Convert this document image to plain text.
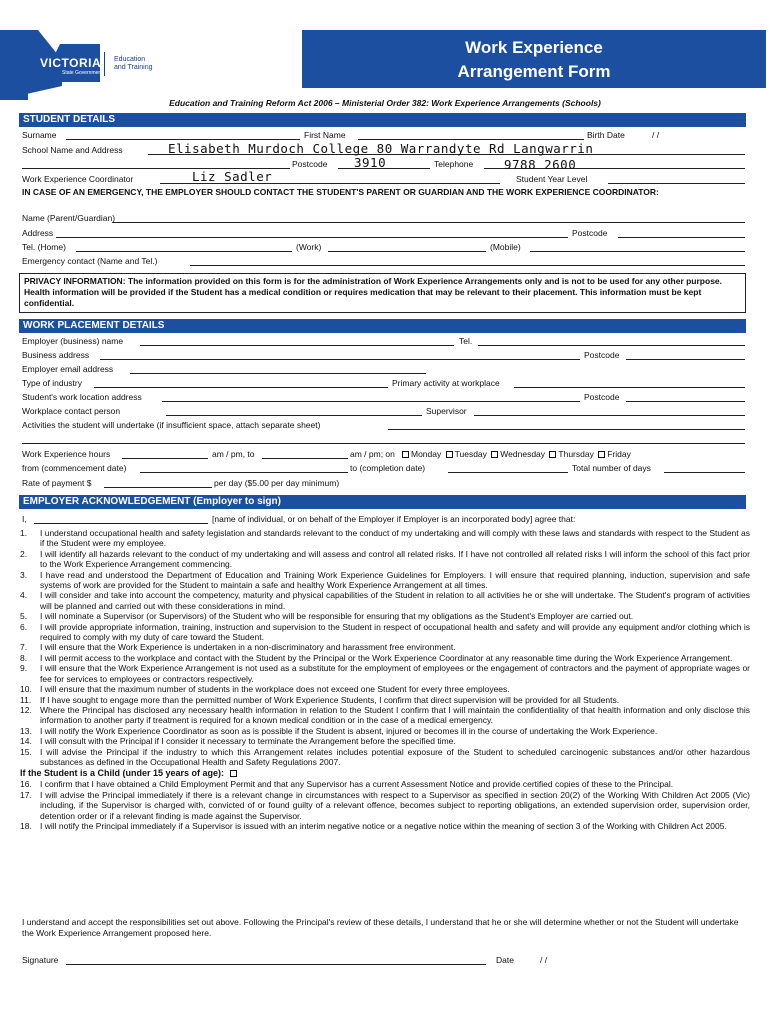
VICTORIA
State Government
Education
and Training
Work Experience
Arrangement Form
Education and Training Reform Act 2006 – Ministerial Order 382: Work Experience Arrangements (Schools)
STUDENT DETAILS
Surname	First Name	Birth Date	/ /
School Name and Address	Elisabeth Murdoch College 80 Warrandyte Rd Langwarrin
Postcode 3910	Telephone 9788 2600
Work Experience Coordinator	Liz Sadler	Student Year Level
IN CASE OF AN EMERGENCY, THE EMPLOYER SHOULD CONTACT THE STUDENT'S PARENT OR GUARDIAN AND THE WORK EXPERIENCE COORDINATOR:
Name (Parent/Guardian)
Address	Postcode
Tel. (Home)	(Work)	(Mobile)
Emergency contact (Name and Tel.)
PRIVACY INFORMATION: The information provided on this form is for the administration of Work Experience Arrangements only and is not to be used for any other purpose. Health information will be provided if the Student has a medical condition or requires medication that may be relevant to their placement. This information must be kept confidential.
WORK PLACEMENT DETAILS
Employer (business) name	Tel.
Business address	Postcode
Employer email address
Type of industry	Primary activity at workplace
Student's work location address	Postcode
Workplace contact person	Supervisor
Activities the student will undertake (if insufficient space, attach separate sheet)
Work Experience hours	am / pm, to	am / pm; on	Monday Tuesday Wednesday Thursday Friday
from (commencement date)	to (completion date)	Total number of days
Rate of payment $	per day ($5.00 per day minimum)
EMPLOYER ACKNOWLEDGEMENT (Employer to sign)
I,	[name of individual, or on behalf of the Employer if Employer is an incorporated body] agree that:
1.	I understand occupational health and safety legislation and standards relevant to the conduct of my undertaking and will comply with these laws and standards with respect to the Student as if the Student were my employee.
2.	I will identify all hazards relevant to the conduct of my undertaking and will assess and control all related risks. If I have not controlled all related risks I will inform the school of this fact prior to the Work Experience Arrangement commencing.
3.	I have read and understood the Department of Education and Training Work Experience Guidelines for Employers. I will ensure that required planning, induction, supervision and safe systems of work are provided for the Student to maintain a safe and healthy Work Experience Arrangement at all times.
4.	I will consider and take into account the competency, maturity and physical capabilities of the Student in relation to all activities he or she will undertake. The Student's program of activities will be planned and carried out with these considerations in mind.
5.	I will nominate a Supervisor (or Supervisors) of the Student who will be responsible for ensuring that my obligations as the Student's Employer are carried out.
6.	I will provide appropriate information, training, instruction and supervision to the Student in respect of occupational health and safety and will provide any equipment and/or clothing which is required to comply with my duty of care toward the Student.
7.	I will ensure that the Work Experience is undertaken in a non-discriminatory and harassment free environment.
8.	I will permit access to the workplace and contact with the Student by the Principal or the Work Experience Coordinator at any reasonable time during the Work Experience Arrangement.
9.	I will ensure that the Work Experience Arrangement is not used as a substitute for the employment of employees or the engagement of contractors and the payment of appropriate wages or fee for services to employees or contractors respectively.
10. I will ensure that the maximum number of students in the workplace does not exceed one Student for every three employees.
11.	If I have sought to engage more than the permitted number of Work Experience Students, I confirm that direct supervision will be provided for all Students.
12. Where the Principal has disclosed any necessary health information in relation to the Student I confirm that I will maintain the confidentiality of that health information and only disclose this information to another party if treatment is required for a known medical condition or in the case of a medical emergency.
13. I will notify the Work Experience Coordinator as soon as is possible if the Student is absent, injured or becomes ill in the course of undertaking the Work Experience.
14. I will consult with the Principal if I consider it necessary to terminate the Arrangement before the specified time.
15. I will advise the Principal if the industry to which this Arrangement relates includes potential exposure of the Student to scheduled carcinogenic substances and/or other hazardous substances as defined in the Occupational Health and Safety Regulations 2007.
If the Student is a Child (under 15 years of age):
16. I confirm that I have obtained a Child Employment Permit and that any Supervisor has a current Assessment Notice and provide certified copies of these to the Principal.
17. I will advise the Principal immediately if there is a relevant change in circumstances with respect to a Supervisor as specified in section 20(2) of the Working With Children Act 2005 (Vic) including, if the Supervisor is charged with, convicted of or found guilty of a relevant offence, becomes subject to reporting obligations, an extended supervision order, supervision order, detention order or if a relevant finding is made against the Supervisor.
18. I will notify the Principal immediately if a Supervisor is issued with an interim negative notice or a negative notice within the meaning of section 3 of the Working with Children Act 2005.
I understand and accept the responsibilities set out above. Following the Principal's review of these details, I understand that he or she will determine whether or not the Student will undertake the Work Experience Arrangement proposed here.
Signature	Date	/ /
